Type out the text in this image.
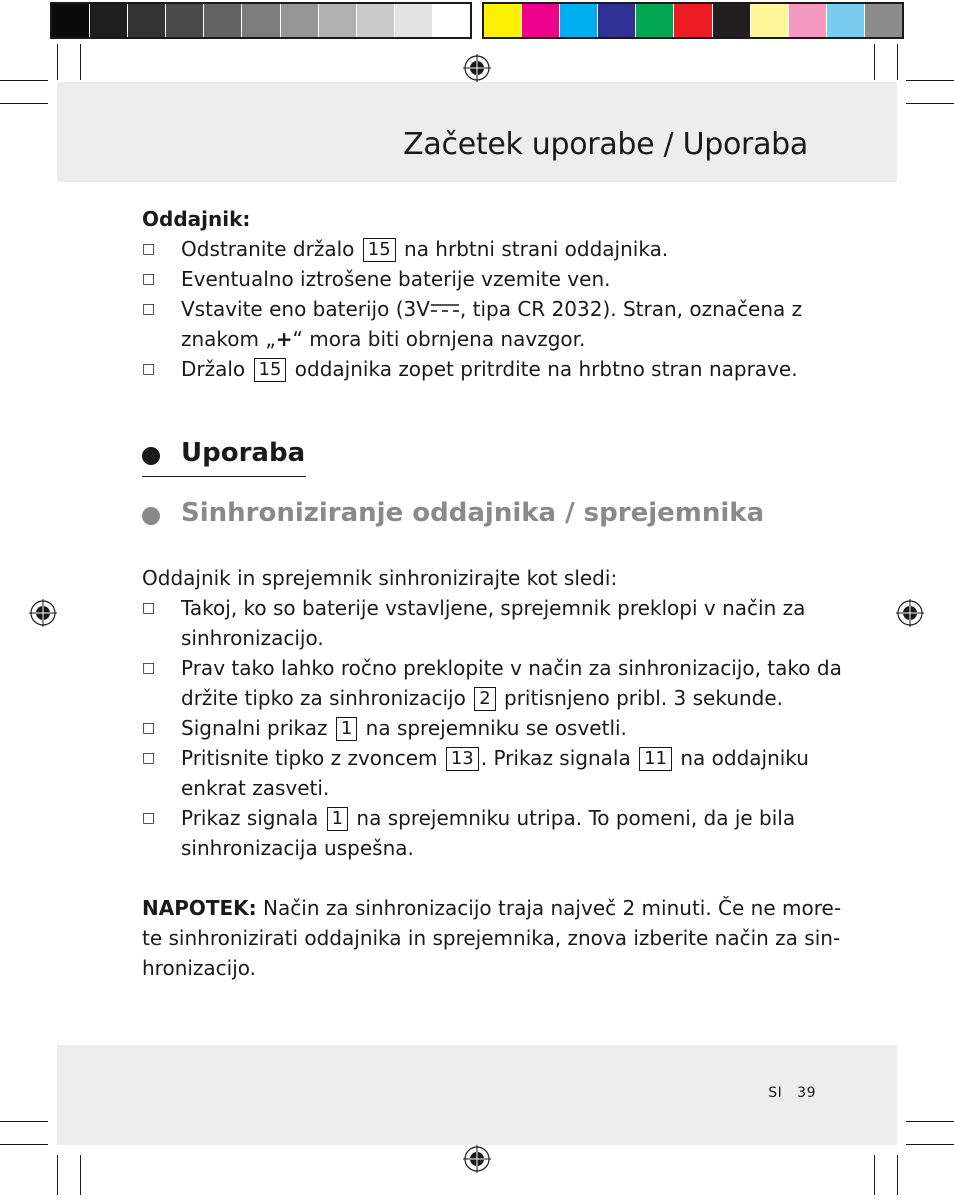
Začetek uporabe / Uporaba
Oddajnik:
□ Odstranite držalo 15 na hrbtni strani oddajnika.
□ Eventualno iztrošene baterije vzemite ven.
□ Vstavite eno baterijo (3V , tipa CR 2032). Stran, označena z
znakom „+“ mora biti obrnjena navzgor.
□ Držalo 15 oddajnika zopet pritrdite na hrbtno stran naprave.
Uporaba
Sinhroniziranje oddajnika / sprejemnika
Oddajnik in sprejemnik sinhronizirajte kot sledi:
□ Takoj, ko so baterije vstavljene, sprejemnik preklopi v način za
sinhronizacijo.
□ Prav tako lahko ročno preklopite v način za sinhronizacijo, tako da
držite tipko za sinhronizacijo 2 pritisnjeno pribl. 3 sekunde.
□ Signalni prikaz 1 na sprejemniku se osvetli.
□ Pritisnite tipko z zvoncem 13 . Prikaz signala 11 na oddajniku
enkrat zasveti.
□ Prikaz signala 1 na sprejemniku utripa. To pomeni, da je bila
sinhronizacija uspešna.
NAPOTEK: Način za sinhronizacijo traja največ 2 minuti. Če ne more-
te sinhronizirati oddajnika in sprejemnika, znova izberite način za sin-
hronizacijo.
SI 39
